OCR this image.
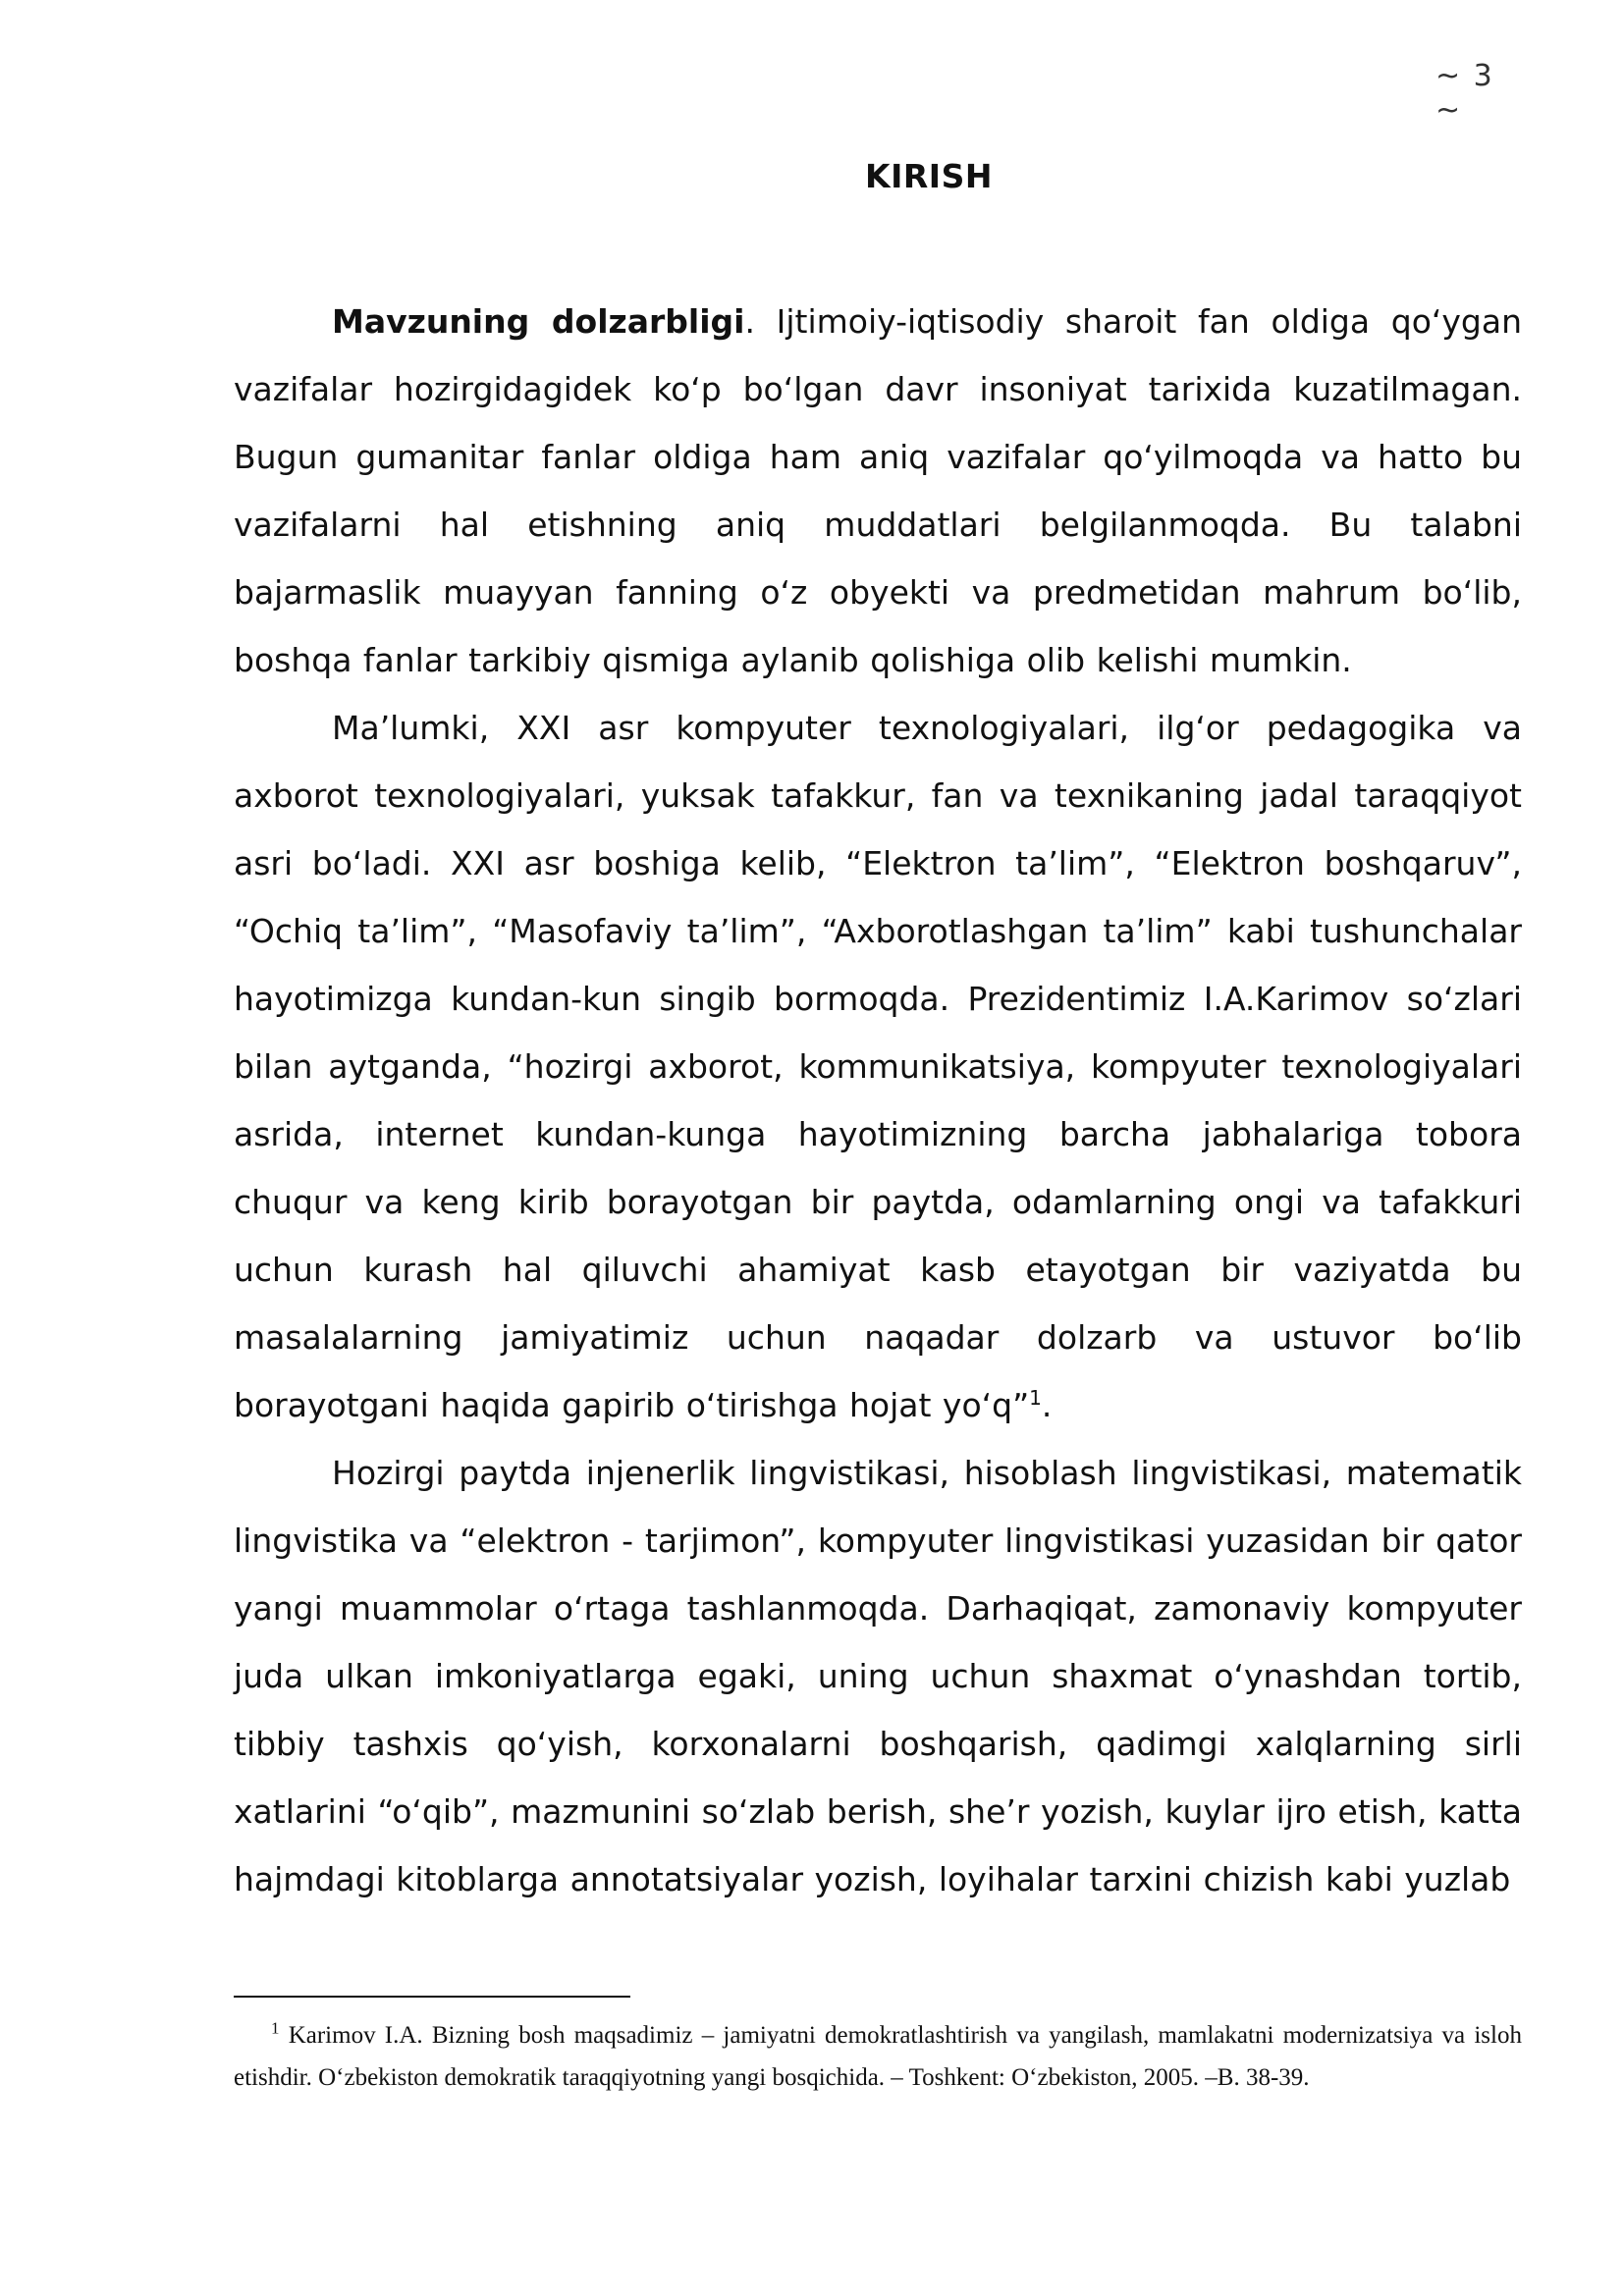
~ 3 ~
KIRISH

Mavzuning dolzarbligi. Ijtimoiy-iqtisodiy sharoit fan oldiga qo‘ygan vazifalar hozirgidagidek ko‘p bo‘lgan davr insoniyat tarixida kuzatilmagan. Bugun gumanitar fanlar oldiga ham aniq vazifalar qo‘yilmoqda va hatto bu vazifalarni hal etishning aniq muddatlari belgilanmoqda. Bu talabni bajarmaslik muayyan fanning o‘z obyekti va predmetidan mahrum bo‘lib, boshqa fanlar tarkibiy qismiga aylanib qolishiga olib kelishi mumkin.

Ma’lumki, XXI asr kompyuter texnologiyalari, ilg‘or pedagogika va axborot texnologiyalari, yuksak tafakkur, fan va texnikaning jadal taraqqiyot asri bo‘ladi. XXI asr boshiga kelib, “Elektron ta’lim”, “Elektron boshqaruv”, “Ochiq ta’lim”, “Masofaviy ta’lim”, “Axborotlashgan ta’lim” kabi tushunchalar hayotimizga kundan-kun singib bormoqda. Prezidentimiz I.A.Karimov so‘zlari bilan aytganda, “hozirgi axborot, kommunikatsiya, kompyuter texnologiyalari asrida, internet kundan-kunga hayotimizning barcha jabhalariga tobora chuqur va keng kirib borayotgan bir paytda, odamlarning ongi va tafakkuri uchun kurash hal qiluvchi ahamiyat kasb etayotgan bir vaziyatda bu masalalarning jamiyatimiz uchun naqadar dolzarb va ustuvor bo‘lib borayotgani haqida gapirib o‘tirishga hojat yo‘q”$^1$.

Hozirgi paytda injenerlik lingvistikasi, hisoblash lingvistikasi, matematik lingvistika va “elektron - tarjimon”, kompyuter lingvistikasi yuzasidan bir qator yangi muammolar o‘rtaga tashlanmoqda. Darhaqiqat, zamonaviy kompyuter juda ulkan imkoniyatlarga egaki, uning uchun shaxmat o‘ynashdan tortib, tibbiy tashxis qo‘yish, korxonalarni boshqarish, qadimgi xalqlarning sirli xatlarini “o‘qib”, mazmunini so‘zlab berish, she’r yozish, kuylar ijro etish, katta hajmdagi kitoblarga annotatsiyalar yozish, loyihalar tarxini chizish kabi yuzlab

$^1$ Karimov I.A. Bizning bosh maqsadimiz – jamiyatni demokratlashtirish va yangilash, mamlakatni modernizatsiya va isloh etishdir. O‘zbekiston demokratik taraqqiyotning yangi bosqichida. – Toshkent: O‘zbekiston, 2005. –B. 38-39.
